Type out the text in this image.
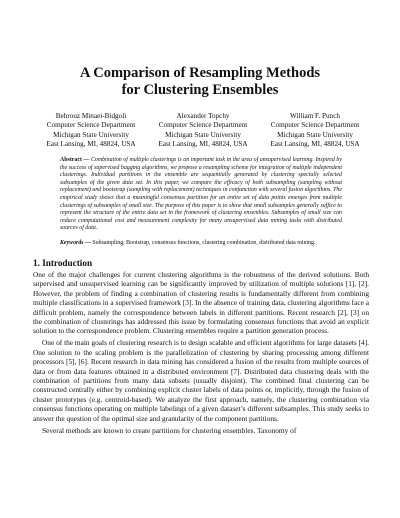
A Comparison of Resampling Methods
for Clustering Ensembles
Behrouz Minaei-Bidgoli
Computer Science Department
Michigan State University
East Lansing, MI, 48824, USA
Alexander Topchy
Computer Science Department
Michigan State University
East Lansing, MI, 48824, USA
William F. Punch
Computer Science Department
Michigan State University
East Lansing, MI, 48824, USA
Abstract — Combination of multiple clusterings is an important task in the area of unsupervised learning. Inspired by the success of supervised bagging algorithms, we propose a resampling scheme for integration of multiple independent clusterings. Individual partitions in the ensemble are sequentially generated by clustering specially selected subsamples of the given data set. In this paper, we compare the efficacy of both subsampling (sampling without replacement) and bootstrap (sampling with replacement) techniques in conjunction with several fusion algorithms. The empirical study shows that a meaningful consensus partition for an entire set of data points emerges from multiple clusterings of subsamples of small size. The purpose of this paper is to show that small subsamples generally suffice to represent the structure of the entire data set in the framework of clustering ensembles. Subsamples of small size can reduce computational cost and measurement complexity for many unsupervised data mining tasks with distributed sources of data.
Keywords — Subsampling, Bootstrap, consensus functions, clustering combination, distributed data mining.
1. Introduction

One of the major challenges for current clustering algorithms is the robustness of the derived solutions. Both supervised and unsupervised learning can be significantly improved by utilization of multiple solutions [1], [2]. However, the problem of finding a combination of clustering results is fundamentally different from combining multiple classifications in a supervised framework [3]. In the absence of training data, clustering algorithms face a difficult problem, namely the correspondence between labels in different partitions. Recent research [2], [3] on the combination of clusterings has addressed this issue by formulating consensus functions that avoid an explicit solution to the correspondence problem. Clustering ensembles require a partition generation process.

One of the main goals of clustering research is to design scalable and efficient algorithms for large datasets [4]. One solution to the scaling problem is the parallelization of clustering by sharing processing among different processors [5], [6]. Recent research in data mining has considered a fusion of the results from multiple sources of data or from data features obtained in a distributed environment [7]. Distributed data clustering deals with the combination of partitions from many data subsets (usually disjoint). The combined final clustering can be constructed centrally either by combining explicit cluster labels of data points or, implicitly, through the fusion of cluster prototypes (e.g. centroid-based). We analyze the first approach, namely, the clustering combination via consensus functions operating on multiple labelings of a given dataset’s different subsamples. This study seeks to answer the question of the optimal size and granularity of the component partitions.

Several methods are known to create partitions for clustering ensembles. Taxonomy of
